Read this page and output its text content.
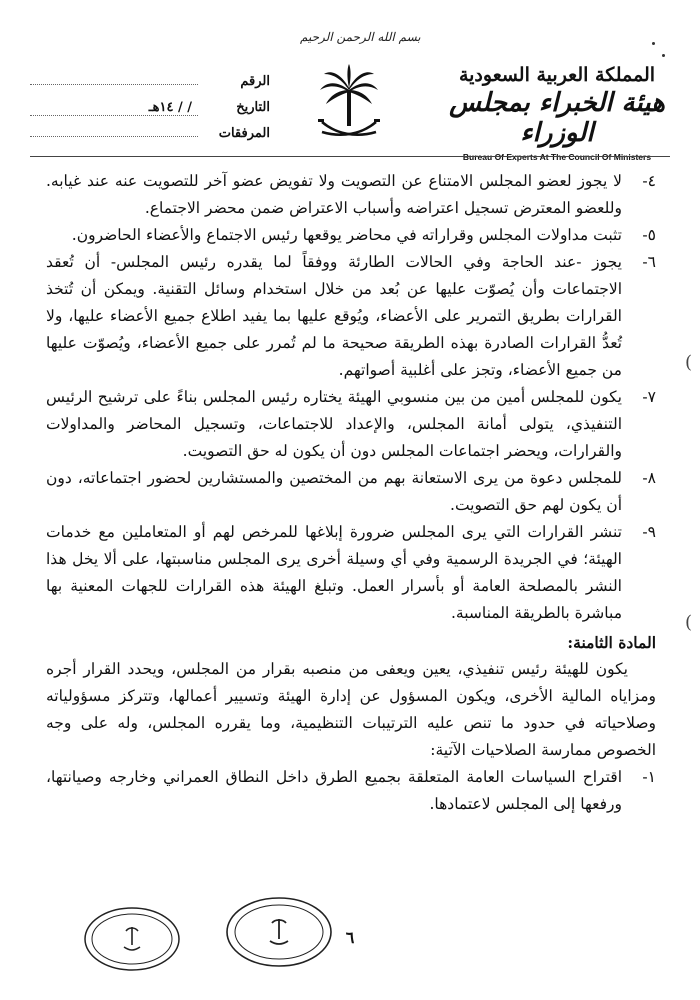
بسم الله الرحمن الرحيم
المملكة العربية السعودية
هيئة الخبراء بمجلس الوزراء
Bureau Of Experts At The Council Of Ministers
الرقم
التاريخ
/ / ١٤هـ
المرفقات
٤-
لا يجوز لعضو المجلس الامتناع عن التصويت ولا تفويض عضو آخر للتصويت عنه عند غيابه. وللعضو المعترض تسجيل اعتراضه وأسباب الاعتراض ضمن محضر الاجتماع.
٥-
تثبت مداولات المجلس وقراراته في محاضر يوقعها رئيس الاجتماع والأعضاء الحاضرون.
٦-
يجوز -عند الحاجة وفي الحالات الطارئة ووفقاً لما يقدره رئيس المجلس- أن تُعقد الاجتماعات وأن يُصوّت عليها عن بُعد من خلال استخدام وسائل التقنية. ويمكن أن تُتخذ القرارات بطريق التمرير على الأعضاء، ويُوقع عليها بما يفيد اطلاع جميع الأعضاء عليها، ولا تُعدُّ القرارات الصادرة بهذه الطريقة صحيحة ما لم تُمرر على جميع الأعضاء، ويُصوّت عليها من جميع الأعضاء، وتجز على أغلبية أصواتهم.
٧-
يكون للمجلس أمين من بين منسوبي الهيئة يختاره رئيس المجلس بناءً على ترشيح الرئيس التنفيذي، يتولى أمانة المجلس، والإعداد للاجتماعات، وتسجيل المحاضر والمداولات والقرارات، ويحضر اجتماعات المجلس دون أن يكون له حق التصويت.
٨-
للمجلس دعوة من يرى الاستعانة بهم من المختصين والمستشارين لحضور اجتماعاته، دون أن يكون لهم حق التصويت.
٩-
تنشر القرارات التي يرى المجلس ضرورة إبلاغها للمرخص لهم أو المتعاملين مع خدمات الهيئة؛ في الجريدة الرسمية وفي أي وسيلة أخرى يرى المجلس مناسبتها، على ألا يخل هذا النشر بالمصلحة العامة أو بأسرار العمل. وتبلغ الهيئة هذه القرارات للجهات المعنية بها مباشرة بالطريقة المناسبة.
المادة الثامنة:
يكون للهيئة رئيس تنفيذي، يعين ويعفى من منصبه بقرار من المجلس، ويحدد القرار أجره ومزاياه المالية الأخرى، ويكون المسؤول عن إدارة الهيئة وتسيير أعمالها، وتتركز مسؤولياته وصلاحياته في حدود ما تنص عليه الترتيبات التنظيمية، وما يقرره المجلس، وله على وجه الخصوص ممارسة الصلاحيات الآتية:
١-
اقتراح السياسات العامة المتعلقة بجميع الطرق داخل النطاق العمراني وخارجه وصيانتها، ورفعها إلى المجلس لاعتمادها.
(
(
٦
